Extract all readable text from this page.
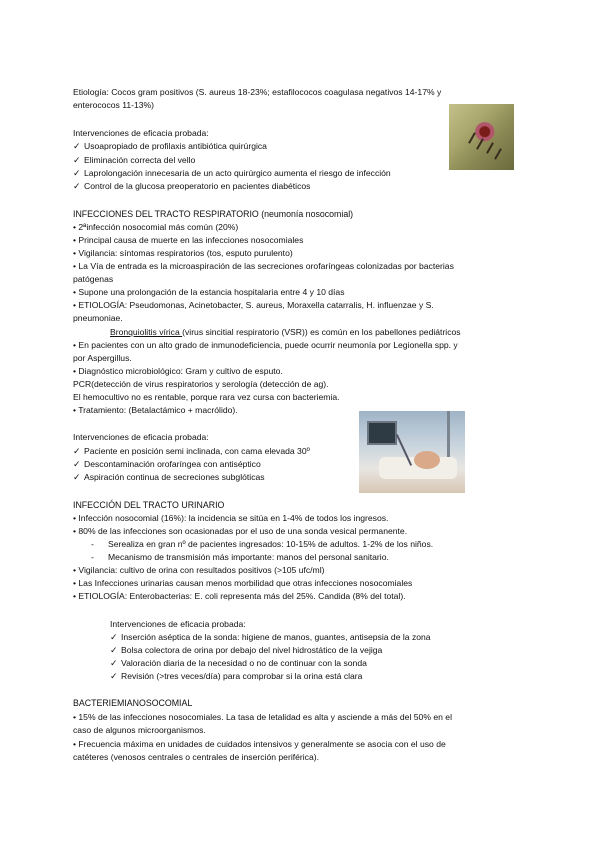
Etiología: Cocos gram positivos (S. aureus 18-23%; estafilococos coagulasa negativos 14-17% y
enterococos 11-13%)
Intervenciones de eficacia probada:
✓ Usoapropiado de profilaxis antibiótica quirúrgica
✓ Eliminación correcta del vello
✓ Laprolongación innecesaria de un acto quirúrgico aumenta el riesgo de infección
✓ Control de la glucosa preoperatorio en pacientes diabéticos
INFECCIONES DEL TRACTO RESPIRATORIO (neumonía nosocomial)
• 2ªinfección nosocomial más común (20%)
• Principal causa de muerte en las infecciones nosocomiales
• Vigilancia: síntomas respiratorios (tos, esputo purulento)
• La Vía de entrada es la microaspiración de las secreciones orofaríngeas colonizadas por bacterias
patógenas
• Supone una prolongación de la estancia hospitalaria entre 4 y 10 días
• ETIOLOGÍA: Pseudomonas, Acinetobacter, S. aureus, Moraxella catarralis, H. influenzae y S.
pneumoniae.
Bronquiolitis vírica (virus sincitial respiratorio (VSR)) es común en los pabellones pediátricos
• En pacientes con un alto grado de inmunodeficiencia, puede ocurrir neumonía por Legionella spp. y
por Aspergillus.
• Diagnóstico microbiológico: Gram y cultivo de esputo.
PCR(detección de virus respiratorios y serología (detección de ag).
El hemocultivo no es rentable, porque rara vez cursa con bacteriemia.
• Tratamiento: (Betalactámico + macrólido).
Intervenciones de eficacia probada:
✓ Paciente en posición semi inclinada, con cama elevada 30º
✓ Descontaminación orofaríngea con antiséptico
✓ Aspiración continua de secreciones subglóticas
INFECCIÓN DEL TRACTO URINARIO
• Infección nosocomial (16%): la incidencia se sitúa en 1-4% de todos los ingresos.
• 80% de las infecciones son ocasionadas por el uso de una sonda vesical permanente.
- Serealiza en gran nº de pacientes ingresados: 10-15% de adultos. 1-2% de los niños.
- Mecanismo de transmisión más importante: manos del personal sanitario.
• Vigilancia: cultivo de orina con resultados positivos (>105 ufc/ml)
• Las Infecciones urinarias causan menos morbilidad que otras infecciones nosocomiales
• ETIOLOGÍA: Enterobacterias: E. coli representa más del 25%. Candida (8% del total).
Intervenciones de eficacia probada:
✓ Inserción aséptica de la sonda: higiene de manos, guantes, antisepsia de la zona
✓ Bolsa colectora de orina por debajo del nivel hidrostático de la vejiga
✓ Valoración diaria de la necesidad o no de continuar con la sonda
✓ Revisión (>tres veces/día) para comprobar si la orina está clara
BACTERIEMIANOSOCOMIAL
• 15% de las infecciones nosocomiales. La tasa de letalidad es alta y asciende a más del 50% en el
caso de algunos microorganismos.
• Frecuencia máxima en unidades de cuidados intensivos y generalmente se asocia con el uso de
catéteres (venosos centrales o centrales de inserción periférica).
